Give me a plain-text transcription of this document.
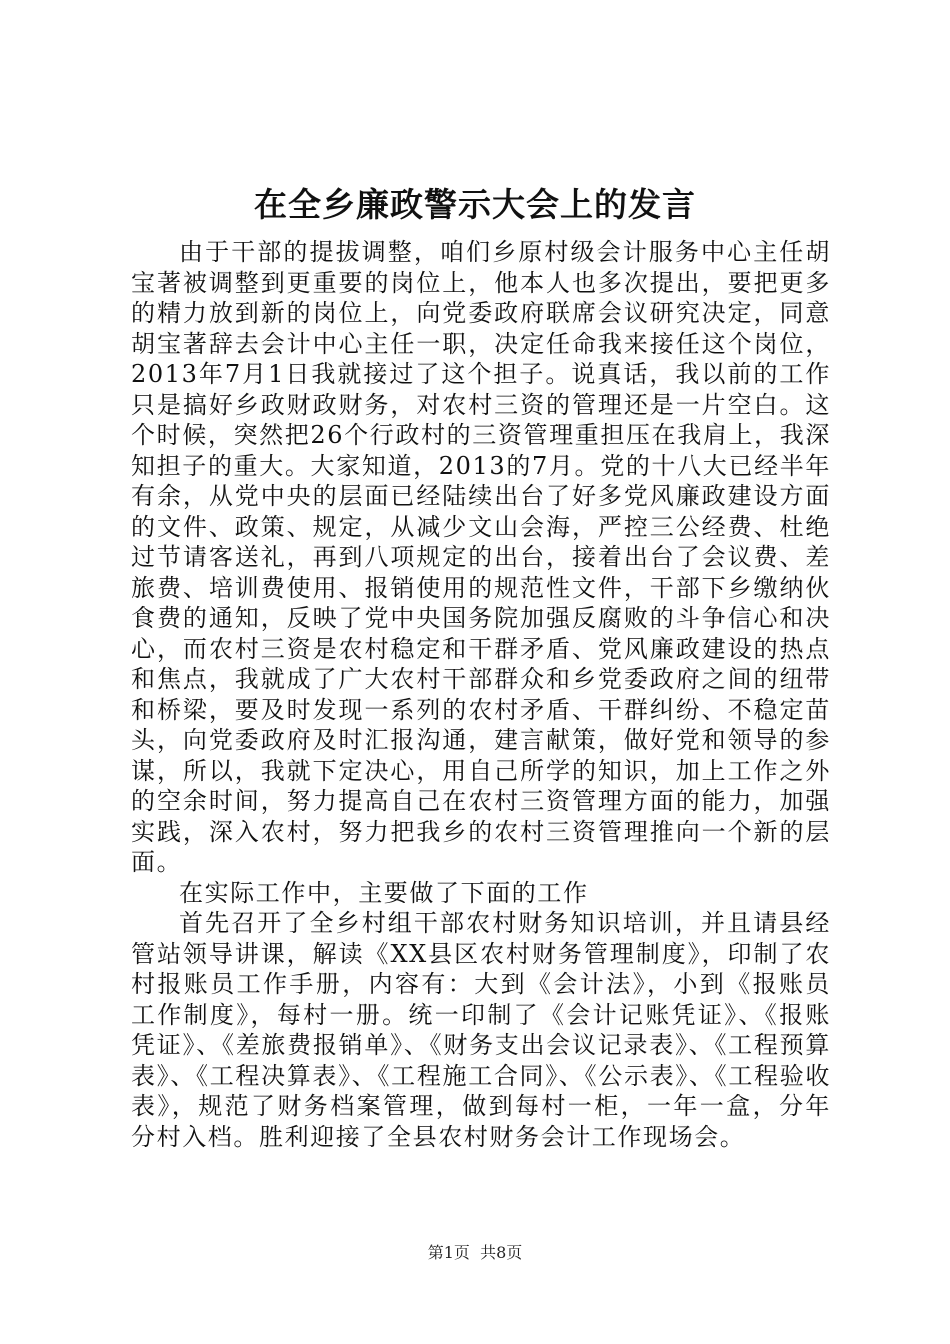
在全乡廉政警示大会上的发言

由于干部的提拔调整，咱们乡原村级会计服务中心主任胡宝著被调整到更重要的岗位上，他本人也多次提出，要把更多的精力放到新的岗位上，向党委政府联席会议研究决定，同意胡宝著辞去会计中心主任一职，决定任命我来接任这个岗位，2013年7月1日我就接过了这个担子。说真话，我以前的工作只是搞好乡政财政财务，对农村三资的管理还是一片空白。这个时候，突然把26个行政村的三资管理重担压在我肩上，我深知担子的重大。大家知道，2013的7月。党的十八大已经半年有余，从党中央的层面已经陆续出台了好多党风廉政建设方面的文件、政策、规定，从减少文山会海，严控三公经费、杜绝过节请客送礼，再到八项规定的出台，接着出台了会议费、差旅费、培训费使用、报销使用的规范性文件，干部下乡缴纳伙食费的通知，反映了党中央国务院加强反腐败的斗争信心和决心，而农村三资是农村稳定和干群矛盾、党风廉政建设的热点和焦点，我就成了广大农村干部群众和乡党委政府之间的纽带和桥梁，要及时发现一系列的农村矛盾、干群纠纷、不稳定苗头，向党委政府及时汇报沟通，建言献策，做好党和领导的参谋，所以，我就下定决心，用自己所学的知识，加上工作之外的空余时间，努力提高自己在农村三资管理方面的能力，加强实践，深入农村，努力把我乡的农村三资管理推向一个新的层面。

在实际工作中，主要做了下面的工作

首先召开了全乡村组干部农村财务知识培训，并且请县经管站领导讲课，解读《XX县区农村财务管理制度》，印制了农村报账员工作手册，内容有：大到《会计法》，小到《报账员工作制度》，每村一册。统一印制了《会计记账凭证》、《报账凭证》、《差旅费报销单》、《财务支出会议记录表》、《工程预算表》、《工程决算表》、《工程施工合同》、《公示表》、《工程验收表》，规范了财务档案管理，做到每村一柜，一年一盒，分年分村入档。胜利迎接了全县农村财务会计工作现场会。

第1页 共8页
